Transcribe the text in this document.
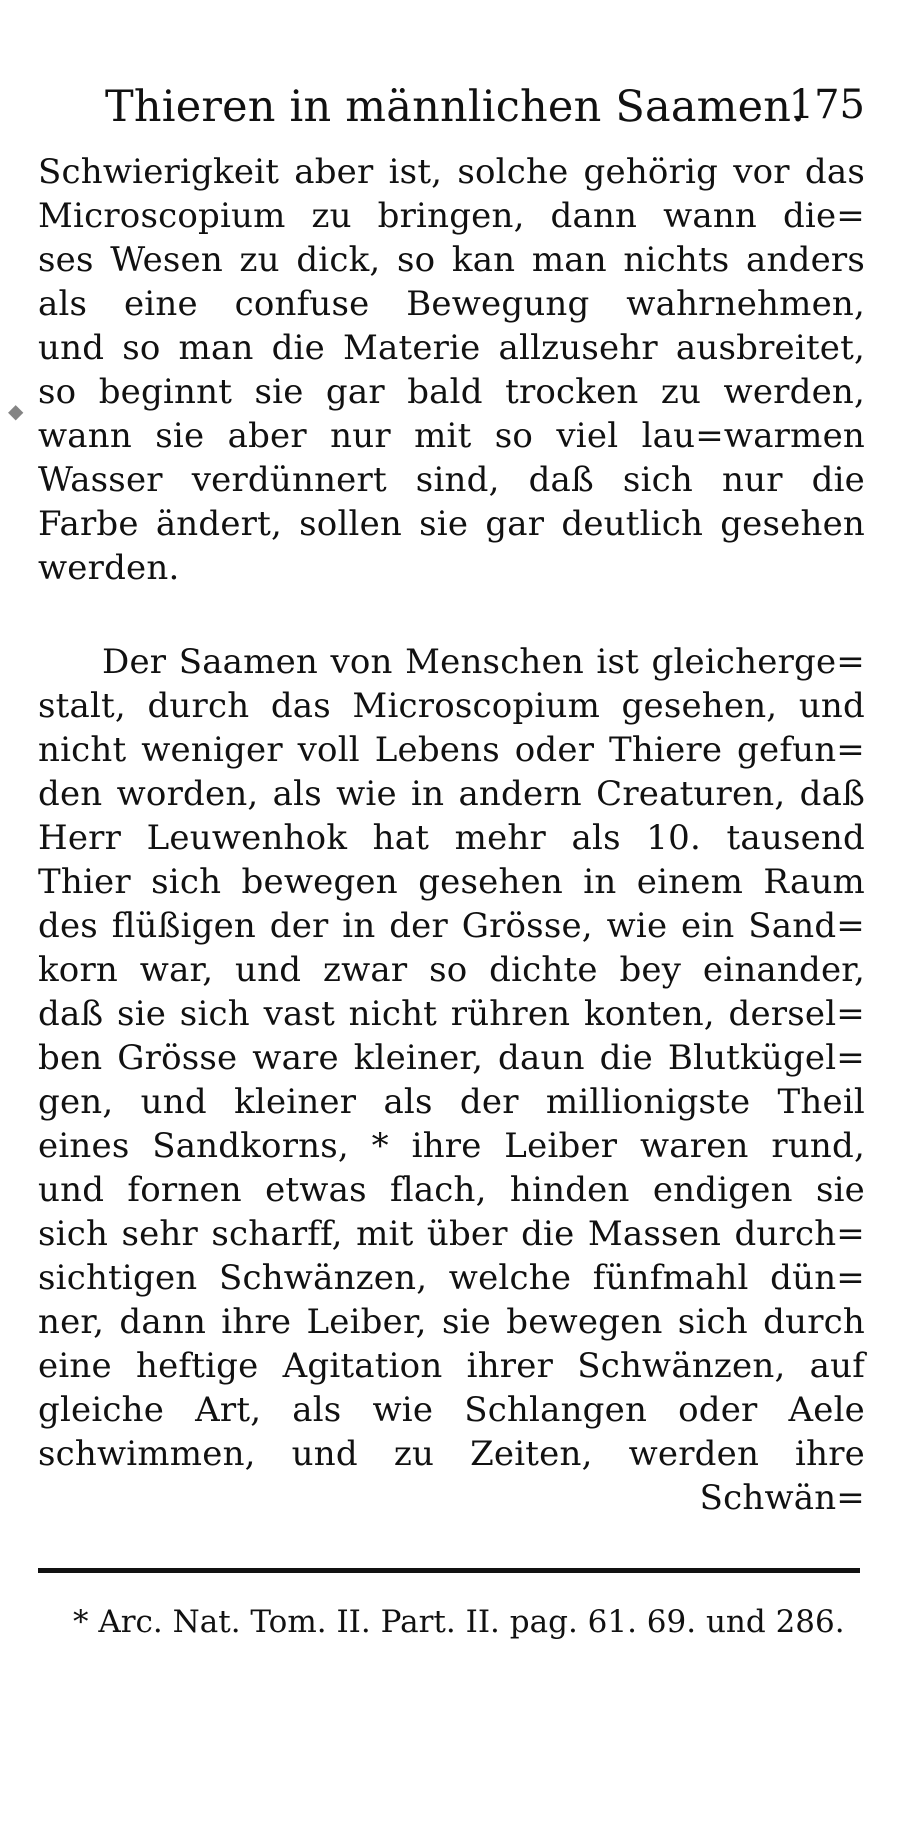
◆
Thieren in männlichen Saamen.
175
Schwierigkeit aber ist, solche gehörig vor das
Microscopium zu bringen, dann wann die=
ses Wesen zu dick, so kan man nichts anders
als eine confuse Bewegung wahrnehmen,
und so man die Materie allzusehr ausbreitet,
so beginnt sie gar bald trocken zu werden,
wann sie aber nur mit so viel lau=warmen
Wasser verdünnert sind, daß sich nur die
Farbe ändert, sollen sie gar deutlich gesehen
werden.
Der Saamen von Menschen ist gleicherge=
stalt, durch das Microscopium gesehen, und
nicht weniger voll Lebens oder Thiere gefun=
den worden, als wie in andern Creaturen, daß
Herr Leuwenhok hat mehr als 10. tausend
Thier sich bewegen gesehen in einem Raum
des flüßigen der in der Grösse, wie ein Sand=
korn war, und zwar so dichte bey einander,
daß sie sich vast nicht rühren konten, dersel=
ben Grösse ware kleiner, daun die Blutkügel=
gen, und kleiner als der millionigste Theil
eines Sandkorns, * ihre Leiber waren rund,
und fornen etwas flach, hinden endigen sie
sich sehr scharff, mit über die Massen durch=
sichtigen Schwänzen, welche fünfmahl dün=
ner, dann ihre Leiber, sie bewegen sich durch
eine heftige Agitation ihrer Schwänzen, auf
gleiche Art, als wie Schlangen oder Aele
schwimmen, und zu Zeiten, werden ihre
Schwän=
* Arc. Nat. Tom. II. Part. II. pag. 61. 69. und 286.
